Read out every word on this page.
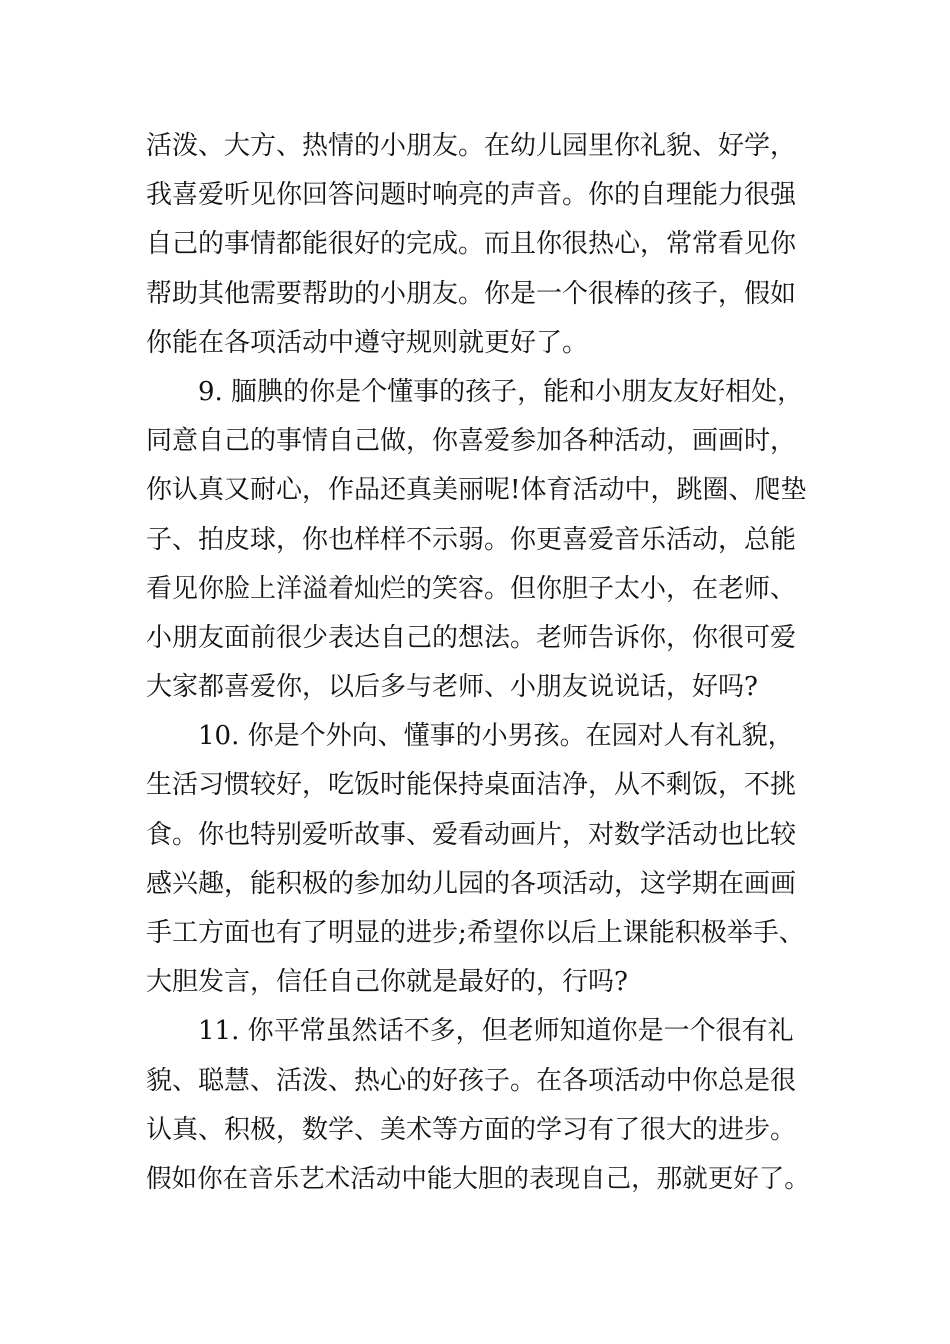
活泼、大方、热情的小朋友。在幼儿园里你礼貌、好学，
我喜爱听见你回答问题时响亮的声音。你的自理能力很强
自己的事情都能很好的完成。而且你很热心，常常看见你
帮助其他需要帮助的小朋友。你是一个很棒的孩子，假如
你能在各项活动中遵守规则就更好了。
9. 腼腆的你是个懂事的孩子，能和小朋友友好相处，
同意自己的事情自己做，你喜爱参加各种活动，画画时，
你认真又耐心，作品还真美丽呢!体育活动中，跳圈、爬垫
子、拍皮球，你也样样不示弱。你更喜爱音乐活动，总能
看见你脸上洋溢着灿烂的笑容。但你胆子太小，在老师、
小朋友面前很少表达自己的想法。老师告诉你，你很可爱
大家都喜爱你，以后多与老师、小朋友说说话，好吗?
10. 你是个外向、懂事的小男孩。在园对人有礼貌，
生活习惯较好，吃饭时能保持桌面洁净，从不剩饭，不挑
食。你也特别爱听故事、爱看动画片，对数学活动也比较
感兴趣，能积极的参加幼儿园的各项活动，这学期在画画
手工方面也有了明显的进步;希望你以后上课能积极举手、
大胆发言，信任自己你就是最好的，行吗?
11. 你平常虽然话不多，但老师知道你是一个很有礼
貌、聪慧、活泼、热心的好孩子。在各项活动中你总是很
认真、积极，数学、美术等方面的学习有了很大的进步。
假如你在音乐艺术活动中能大胆的表现自己，那就更好了。
